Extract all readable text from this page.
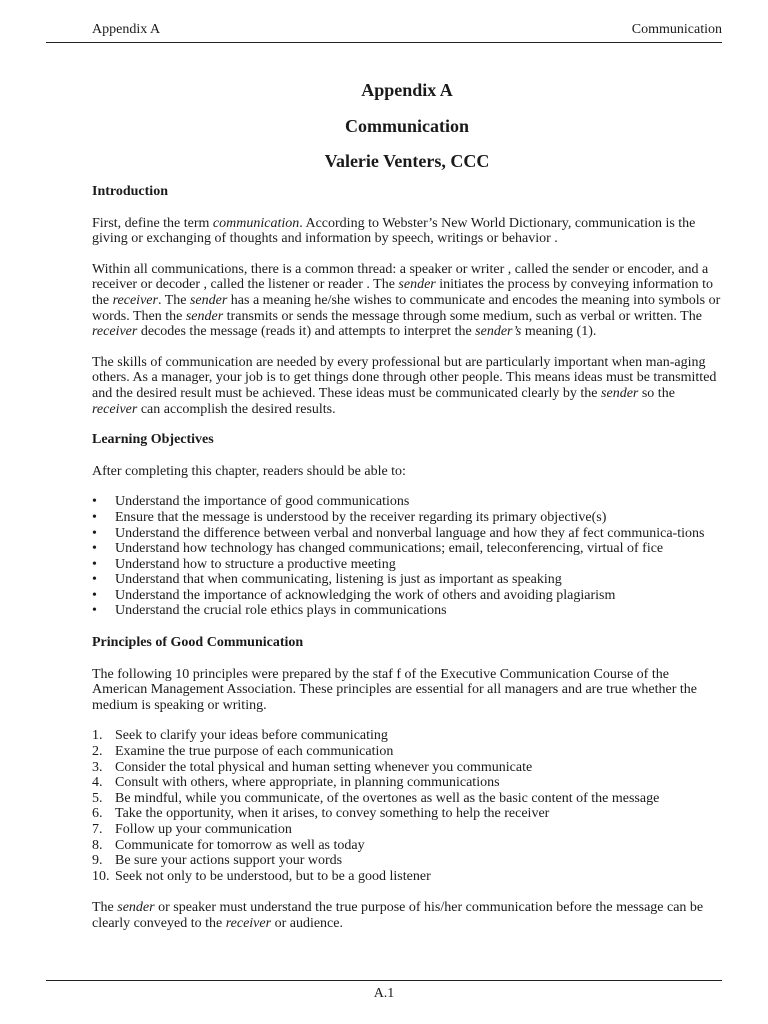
Appendix A	Communication
Appendix A
Communication
Valerie Venters, CCC
Introduction

First, define the term communication. According to Webster’s New World Dictionary, communication is the giving or exchanging of thoughts and information by speech, writings or behavior .

Within all communications, there is a common thread: a speaker or writer , called the sender or encoder, and a receiver or decoder , called the listener or reader . The sender initiates the process by conveying information to the receiver. The sender has a meaning he/she wishes to communicate and encodes the meaning into symbols or words. Then the sender transmits or sends the message through some medium, such as verbal or written. The receiver decodes the message (reads it) and attempts to interpret the sender’s meaning (1).

The skills of communication are needed by every professional but are particularly important when man-aging others. As a manager, your job is to get things done through other people. This means ideas must be transmitted and the desired result must be achieved. These ideas must be communicated clearly by the sender so the receiver can accomplish the desired results.

Learning Objectives

After completing this chapter, readers should be able to:

• Understand the importance of good communications
• Ensure that the message is understood by the receiver regarding its primary objective(s)
• Understand the difference between verbal and nonverbal language and how they af fect communica-tions
• Understand how technology has changed communications; email, teleconferencing, virtual of fice
• Understand how to structure a productive meeting
• Understand that when communicating, listening is just as important as speaking
• Understand the importance of acknowledging the work of others and avoiding plagiarism
• Understand the crucial role ethics plays in communications
Principles of Good Communication

The following 10 principles were prepared by the staf f of the Executive Communication Course of the American Management Association. These principles are essential for all managers and are true whether the medium is speaking or writing.

1. Seek to clarify your ideas before communicating
2. Examine the true purpose of each communication
3. Consider the total physical and human setting whenever you communicate
4. Consult with others, where appropriate, in planning communications
5. Be mindful, while you communicate, of the overtones as well as the basic content of the message
6. Take the opportunity, when it arises, to convey something to help the receiver
7. Follow up your communication
8. Communicate for tomorrow as well as today
9. Be sure your actions support your words
10. Seek not only to be understood, but to be a good listener

The sender or speaker must understand the true purpose of his/her communication before the message can be clearly conveyed to the receiver or audience.

A.1
